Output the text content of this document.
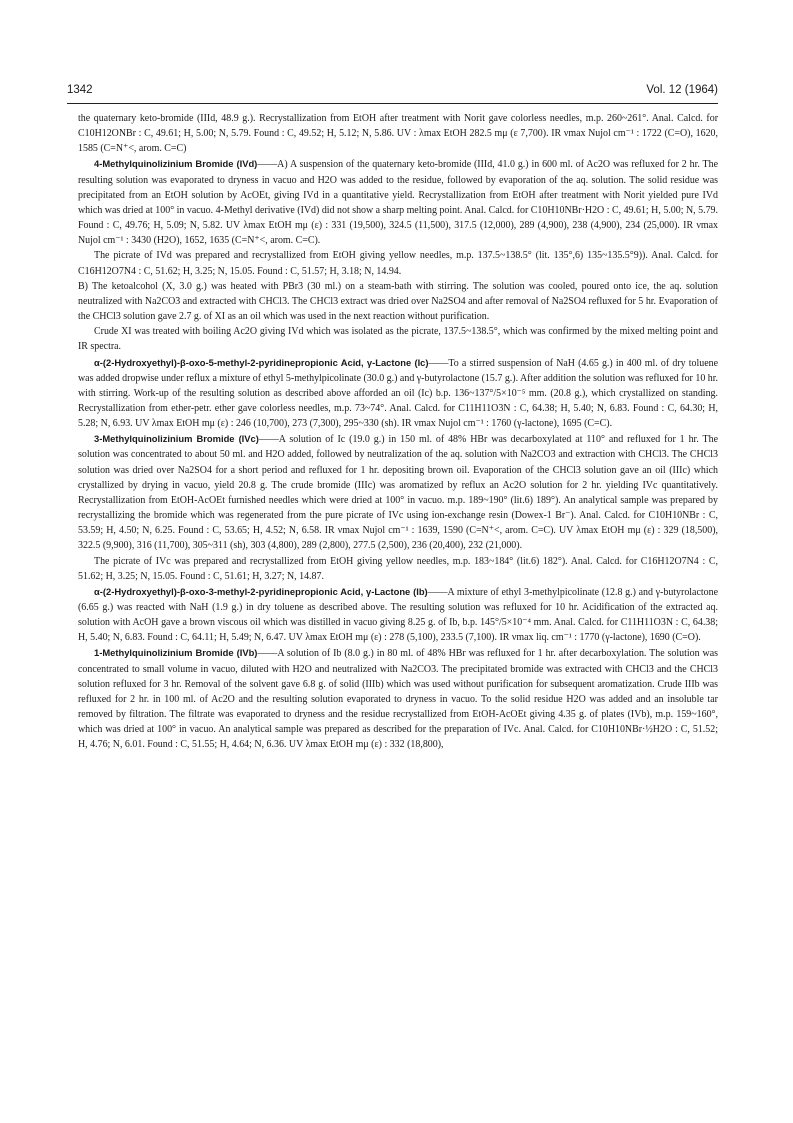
1342	Vol. 12 (1964)

the quaternary keto-bromide (IIId, 48.9 g.). Recrystallization from EtOH after treatment with Norit gave colorless needles, m.p. 260~261°. Anal. Calcd. for C10H12ONBr : C, 49.61; H, 5.00; N, 5.79. Found : C, 49.52; H, 5.12; N, 5.86. UV : λmax EtOH 282.5 mμ (ε 7,700). IR νmax Nujol cm⁻¹ : 1722 (C=O), 1620, 1585 (C=N⁺<, arom. C=C)

4-Methylquinolizinium Bromide (IVd)——A) A suspension of the quaternary keto-bromide (IIId, 41.0 g.) in 600 ml. of Ac2O was refluxed for 2 hr. The resulting solution was evaporated to dryness in vacuo and H2O was added to the residue, followed by evaporation of the aq. solution. The solid residue was precipitated from an EtOH solution by AcOEt, giving IVd in a quantitative yield. Recrystallization from EtOH after treatment with Norit yielded pure IVd which was dried at 100° in vacuo. 4-Methyl derivative (IVd) did not show a sharp melting point. Anal. Calcd. for C10H10NBr·H2O : C, 49.61; H, 5.00; N, 5.79. Found : C, 49.76; H, 5.09; N, 5.82. UV λmax EtOH mμ (ε) : 331 (19,500), 324.5 (11,500), 317.5 (12,000), 289 (4,900), 238 (4,900), 234 (25,000). IR νmax Nujol cm⁻¹ : 3430 (H2O), 1652, 1635 (C=N⁺<, arom. C=C).

The picrate of IVd was prepared and recrystallized from EtOH giving yellow needles, m.p. 137.5~138.5° (lit. 135°,6) 135~135.5°9)). Anal. Calcd. for C16H12O7N4 : C, 51.62; H, 3.25; N, 15.05. Found : C, 51.57; H, 3.18; N, 14.94.

B) The ketoalcohol (X, 3.0 g.) was heated with PBr3 (30 ml.) on a steam-bath with stirring. The solution was cooled, poured onto ice, the aq. solution neutralized with Na2CO3 and extracted with CHCl3. The CHCl3 extract was dried over Na2SO4 and after removal of Na2SO4 refluxed for 5 hr. Evaporation of the CHCl3 solution gave 2.7 g. of XI as an oil which was used in the next reaction without purification.

Crude XI was treated with boiling Ac2O giving IVd which was isolated as the picrate, 137.5~138.5°, which was confirmed by the mixed melting point and IR spectra.

α-(2-Hydroxyethyl)-β-oxo-5-methyl-2-pyridinepropionic Acid, γ-Lactone (Ic)——To a stirred suspension of NaH (4.65 g.) in 400 ml. of dry toluene was added dropwise under reflux a mixture of ethyl 5-methylpicolinate (30.0 g.) and γ-butyrolactone (15.7 g.). After addition the solution was refluxed for 10 hr. with stirring. Work-up of the resulting solution as described above afforded an oil (Ic) b.p. 136~137°/5×10⁻⁵ mm. (20.8 g.), which crystallized on standing. Recrystallization from ether-petr. ether gave colorless needles, m.p. 73~74°. Anal. Calcd. for C11H11O3N : C, 64.38; H, 5.40; N, 6.83. Found : C, 64.30; H, 5.28; N, 6.93. UV λmax EtOH mμ (ε) : 246 (10,700), 273 (7,300), 295~330 (sh). IR νmax Nujol cm⁻¹ : 1760 (γ-lactone), 1695 (C=C).

3-Methylquinolizinium Bromide (IVc)——A solution of Ic (19.0 g.) in 150 ml. of 48% HBr was decarboxylated at 110° and refluxed for 1 hr. The solution was concentrated to about 50 ml. and H2O added, followed by neutralization of the aq. solution with Na2CO3 and extraction with CHCl3. The CHCl3 solution was dried over Na2SO4 for a short period and refluxed for 1 hr. depositing brown oil. Evaporation of the CHCl3 solution gave an oil (IIIc) which crystallized by drying in vacuo, yield 20.8 g. The crude bromide (IIIc) was aromatized by reflux an Ac2O solution for 2 hr. yielding IVc quantitatively. Recrystallization from EtOH-AcOEt furnished needles which were dried at 100° in vacuo. m.p. 189~190° (lit.6) 189°). An analytical sample was prepared by recrystallizing the bromide which was regenerated from the pure picrate of IVc using ion-exchange resin (Dowex-1 Br⁻). Anal. Calcd. for C10H10NBr : C, 53.59; H, 4.50; N, 6.25. Found : C, 53.65; H, 4.52; N, 6.58. IR νmax Nujol cm⁻¹ : 1639, 1590 (C=N⁺<, arom. C=C). UV λmax EtOH mμ (ε) : 329 (18,500), 322.5 (9,900), 316 (11,700), 305~311 (sh), 303 (4,800), 289 (2,800), 277.5 (2,500), 236 (20,400), 232 (21,000).

The picrate of IVc was prepared and recrystallized from EtOH giving yellow needles, m.p. 183~184° (lit.6) 182°). Anal. Calcd. for C16H12O7N4 : C, 51.62; H, 3.25; N, 15.05. Found : C, 51.61; H, 3.27; N, 14.87.

α-(2-Hydroxyethyl)-β-oxo-3-methyl-2-pyridinepropionic Acid, γ-Lactone (Ib)——A mixture of ethyl 3-methylpicolinate (12.8 g.) and γ-butyrolactone (6.65 g.) was reacted with NaH (1.9 g.) in dry toluene as described above. The resulting solution was refluxed for 10 hr. Acidification of the extracted aq. solution with AcOH gave a brown viscous oil which was distilled in vacuo giving 8.25 g. of Ib, b.p. 145°/5×10⁻⁴ mm. Anal. Calcd. for C11H11O3N : C, 64.38; H, 5.40; N, 6.83. Found : C, 64.11; H, 5.49; N, 6.47. UV λmax EtOH mμ (ε) : 278 (5,100), 233.5 (7,100). IR νmax liq. cm⁻¹ : 1770 (γ-lactone), 1690 (C=O).

1-Methylquinolizinium Bromide (IVb)——A solution of Ib (8.0 g.) in 80 ml. of 48% HBr was refluxed for 1 hr. after decarboxylation. The solution was concentrated to small volume in vacuo, diluted with H2O and neutralized with Na2CO3. The precipitated bromide was extracted with CHCl3 and the CHCl3 solution refluxed for 3 hr. Removal of the solvent gave 6.8 g. of solid (IIIb) which was used without purification for subsequent aromatization. Crude IIIb was refluxed for 2 hr. in 100 ml. of Ac2O and the resulting solution evaporated to dryness in vacuo. To the solid residue H2O was added and an insoluble tar removed by filtration. The filtrate was evaporated to dryness and the residue recrystallized from EtOH-AcOEt giving 4.35 g. of plates (IVb), m.p. 159~160°, which was dried at 100° in vacuo. An analytical sample was prepared as described for the preparation of IVc. Anal. Calcd. for C10H10NBr·½H2O : C, 51.52; H, 4.76; N, 6.01. Found : C, 51.55; H, 4.64; N, 6.36. UV λmax EtOH mμ (ε) : 332 (18,800),
